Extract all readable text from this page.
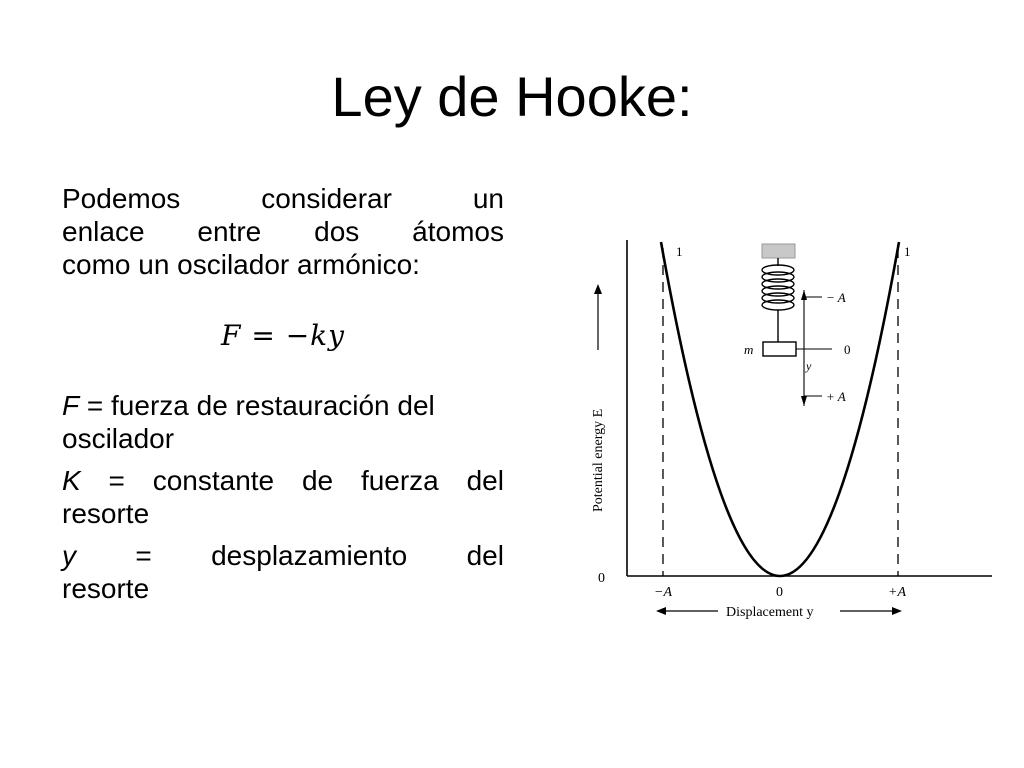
Ley de Hooke:
Podemos	considerar	un
enlace entre dos átomos
como un oscilador armónico:
F = −ky
F = fuerza de restauración del
oscilador
K = constante de fuerza del
resorte
y = desplazamiento del
resorte
Potential energy E
0
−A	0	+A
1	1
Displacement y
m
y
− A
0
+ A
